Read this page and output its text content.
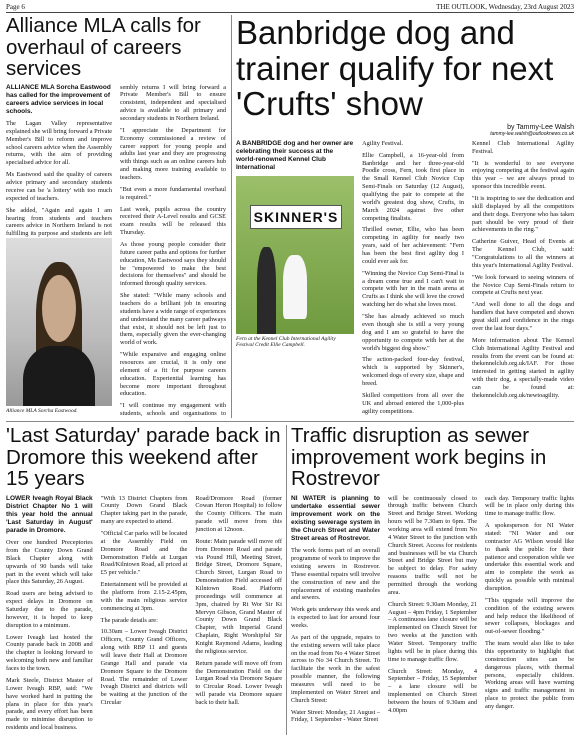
Page 6	THE OUTLOOK, Wednesday, 23rd August 2023
Alliance MLA calls for overhaul of careers services

ALLIANCE MLA Sorcha Eastwood has called for the improvement of careers advice services in local schools.

The Lagan Valley representative explained she will bring forward a Private Member's Bill to reform and improve school careers advice when the Assembly returns, with the aim of providing specialised advice for all.

Ms Eastwood said the quality of careers advice primary and secondary students receive can be 'a lottery' with too much expected of teachers.

She added, "Again and again I am hearing from students and teachers careers advice in Northern Ireland is not fulfilling its purpose and students are left

sembly returns I will bring forward a Private Member's Bill to ensure consistent, independent and specialised advice is available to all primary and secondary students in Northern Ireland.

"I appreciate the Department for Economy commissioned a review of career support for young people and adults last year and they are progressing with things such as an online careers hub and making more training available to teachers.

"But even a more fundamental overhaul is required."

Last week, pupils across the country received their A-Level results and GCSE exam results will be released this Thursday.

As those young people consider their future career paths and options for further education, Ms Eastwood says they should be "empowered to make the best decisions for themselves" and should be informed through quality services.

She stated: "While many schools and teachers do a brilliant job in ensuring students have a wide range of experiences and understand the many career pathways that exist, it should not be left just to them, especially given the ever-changing world of work.

"While expansive and engaging online resources are crucial, it is only one element of a fit for purpose careers education. Experiential learning has become more important throughout education.

"I will continue my engagement with students, schools and organisations to

Alliance MLA Sorcha Eastwood.
Banbridge dog and trainer qualify for next 'Crufts' show
by Tammy-Lee Walsh
tammy-lee.walsh@outlooknews.co.uk

A BANBRIDGE dog and her owner are celebrating their success at the world-renowned Kennel Club International

SKINNER'S
Fern at the Kennel Club International Agility Festival Credit Ellie Campbell.

Agility Festival.

Ellie Campbell, a 16-year-old from Banbridge and her three-year-old Poodle cross, Fern, took first place in the Small Kennel Club Novice Cup Semi-Finals on Saturday (12 August), qualifying the pair to compete at the world's greatest dog show, Crufts, in March 2024 against five other competing finalists.

Thrilled owner, Ellie, who has been competing in agility for nearly two years, said of her achievement: "Fern has been the best first agility dog I could ever ask for.

"Winning the Novice Cup Semi-Final is a dream come true and I can't wait to compete with her in the main arena at Crufts as I think she will love the crowd watching her do what she loves most.

"She has already achieved so much even though she is still a very young dog and I am so grateful to have the opportunity to compete with her at the world's biggest dog show."

The action-packed four-day festival, which is supported by Skinner's, welcomed dogs of every size, shape and breed.

Skilled competitors from all over the UK and abroad entered the 1,000-plus agility competitions.

Kennel Club International Agility Festival.

"It is wonderful to see everyone enjoying competing at the festival again this year – we are always proud to sponsor this incredible event.

"It is inspiring to see the dedication and skill displayed by all the competitors and their dogs. Everyone who has taken part should be very proud of their achievements in the ring."

Catherine Guiver, Head of Events at The Kennel Club, said: "Congratulations to all the winners at this year's International Agility Festival.

"We look forward to seeing winners of the Novice Cup Semi-Finals return to compete at Crufts next year.

"And well done to all the dogs and handlers that have competed and shown great skill and confidence in the rings over the last four days."

More information about The Kennel Club International Agility Festival and results from the event can be found at: thekennelclub.org.uk/IAF. For those interested in getting started in agility with their dog, a specially-made video can be found at: thekennelclub.org.uk/newtoagility.

'Last Saturday' parade back in Dromore this weekend after 15 years

LOWER Iveagh Royal Black District Chapter No 1 will this year hold the annual 'Last Saturday in August' parade in Dromore.

Over one hundred Preceptories from the County Down Grand Black Chapter along with upwards of 90 bands will take part in the event which will take place this Saturday, 26 August.

Road users are being advised to expect delays in Dromore on Saturday due to the parade, however, it is hoped to keep disruption to a minimum.

Lower Iveagh last hosted the County parade back in 2008 and the chapter is looking forward to welcoming both new and familiar faces to the town.

Mark Steele, District Master of Lower Iveagh RBP, said: "We have worked hard in putting the plans in place for this year's parade, and every effort has been made to minimise disruption to residents and local business.

"With 13 District Chapters from County Down Grand Black Chapter taking part in the parade, many are expected to attend.

"Official Car parks will be located at the Assembly Field on Dromore Road and the Demonstration Fields at Lurgan Road/Kilntown Road, all priced at £5 per vehicle."

Entertainment will be provided at the platform from 2.15-2.45pm, with the main religious service commencing at 3pm.

The parade details are:

10.30am – Lower Iveagh District Officers, County Grand Officers, along with RBP 11 and guests will leave their Hall at Dromore Grange Hall and parade via Dromore Square to the Dromore Road. The remainder of Lower Iveagh District and districts will be waiting at the junction of the Circular

Road/Dromore Road (former Cowan Heron Hospital) to follow the County Officers. The main parade will move from this junction at 12noon.

Route: Main parade will move off from Dromore Road and parade via Pound Hill, Meeting Street, Bridge Street, Dromore Square, Church Street, Lurgan Road to Demonstration Field accessed off Kilntown Road. Platform proceedings will commence at 3pm, chaired by Rt Wor Sir Kt Mervyn Gibson, Grand Master of County Down Grand Black Chapter, with Imperial Grand Chaplain, Right Worshipful Sir Knight Raymond Adams, leading the religious service.

Return parade will move off from the Demonstration Field on the Lurgan Road via Dromore Square to Circular Road. Lower Iveagh will parade via Dromore square back to their hall.

Traffic disruption as sewer improvement work begins in Rostrevor

NI WATER is planning to undertake essential sewer improvement work on the existing sewerage system in the Church Street and Water Street areas of Rostrevor.

The work forms part of an overall programme of work to improve the existing sewers in Rostrevor. These essential repairs will involve the construction of new and the replacement of existing manholes and sewers.

Work gets underway this week and is expected to last for around four weeks.

As part of the upgrade, repairs to the existing sewers will take place on the road from No 4 Water Street across to No 34 Church Street. To facilitate the work in the safest possible manner, the following measures will need to be implemented on Water Street and Church Street:

Water Street: Monday, 21 August – Friday, 1 September - Water Street

will be continuously closed to through traffic between Church Street and Bridge Street. Working hours will be 7.30am to 6pm. The working area will extend from No 4 Water Street to the junction with Church Street. Access for residents and businesses will be via Church Street and Bridge Street but may be subject to delay. For safety reasons traffic will not be permitted through the working area.

Church Street: 9.30am Monday, 21 August – 4pm Friday, 1 September – A continuous lane closure will be implemented on Church Street for two weeks at the junction with Water Street. Temporary traffic lights will be in place during this time to manage traffic flow.

Church Street: Monday, 4 September – Friday, 15 September – a lane closure will be implemented on Church Street between the hours of 9.30am and 4.00pm

each day. Temporary traffic lights will be in place only during this time to manage traffic flow.

A spokesperson for NI Water stated: "NI Water and our contractor AG Wilson would like to thank the public for their patience and cooperation while we undertake this essential work and aim to complete the work as quickly as possible with minimal disruption.

"This upgrade will improve the condition of the existing sewers and help reduce the likelihood of sewer collapses, blockages and out-of-sewer flooding."

The team would also like to take this opportunity to highlight that construction sites can be dangerous places, with thermal persons, especially children. Working areas will have warning signs and traffic management in place to protect the public from any danger.
